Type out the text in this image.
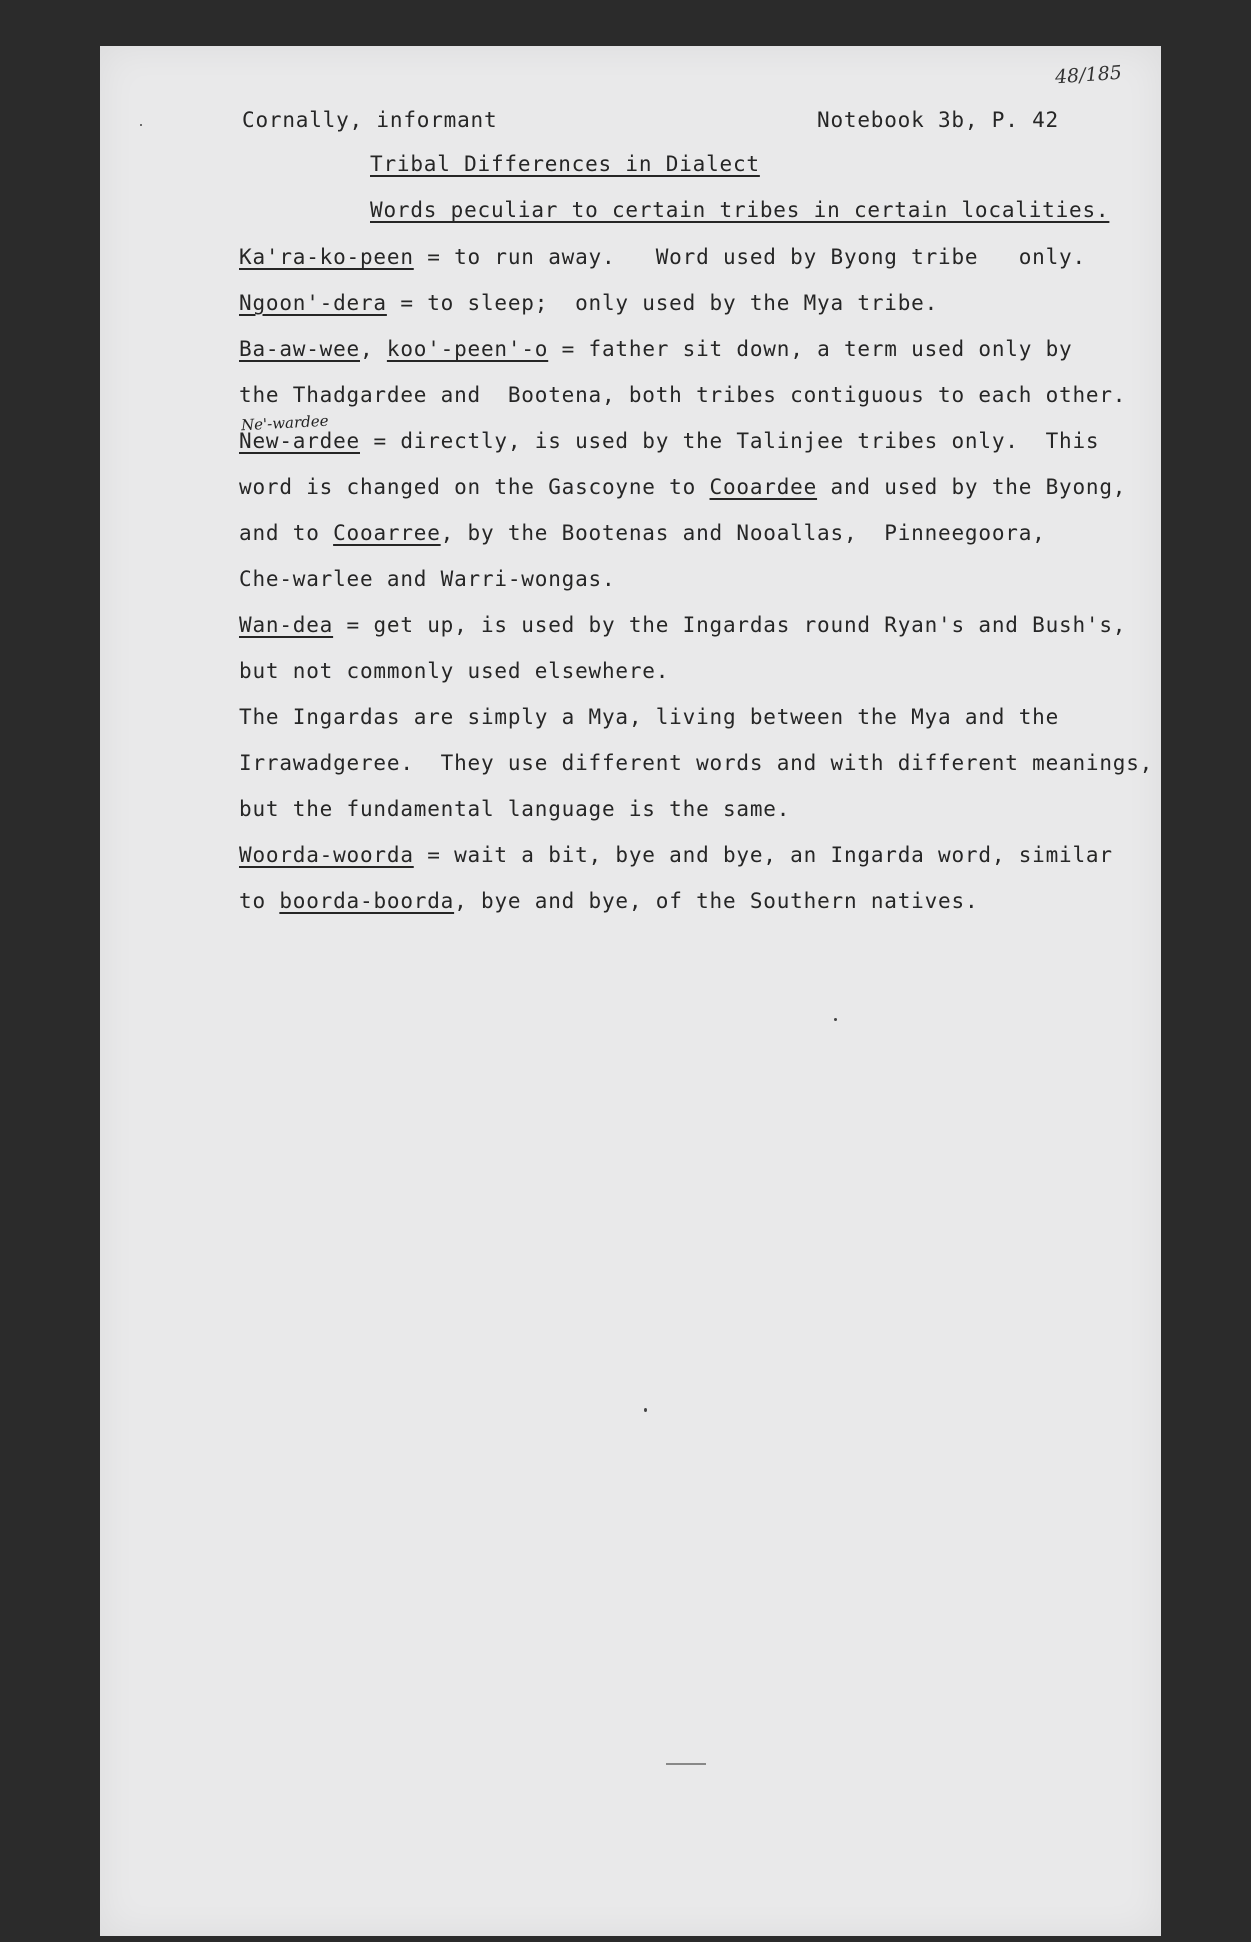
48/185
Cornally, informant	Notebook 3b, P. 42
Tribal Differences in Dialect
Words peculiar to certain tribes in certain localities.
Ka'ra-ko-peen = to run away.   Word used by Byong tribe   only.
Ngoon'-dera = to sleep;  only used by the Mya tribe.
Ba-aw-wee, koo'-peen'-o = father sit down, a term used only by
the Thadgardee and  Bootena, both tribes contiguous to each other.
Ne'-wardee
New-ardee = directly, is used by the Talinjee tribes only.  This
word is changed on the Gascoyne to Cooardee and used by the Byong,
and to Cooarree, by the Bootenas and Nooallas,  Pinneegoora,
Che-warlee and Warri-wongas.
Wan-dea = get up, is used by the Ingardas round Ryan's and Bush's,
but not commonly used elsewhere.
The Ingardas are simply a Mya, living between the Mya and the
Irrawadgeree.  They use different words and with different meanings,
but the fundamental language is the same.
Woorda-woorda = wait a bit, bye and bye, an Ingarda word, similar
to boorda-boorda, bye and bye, of the Southern natives.
